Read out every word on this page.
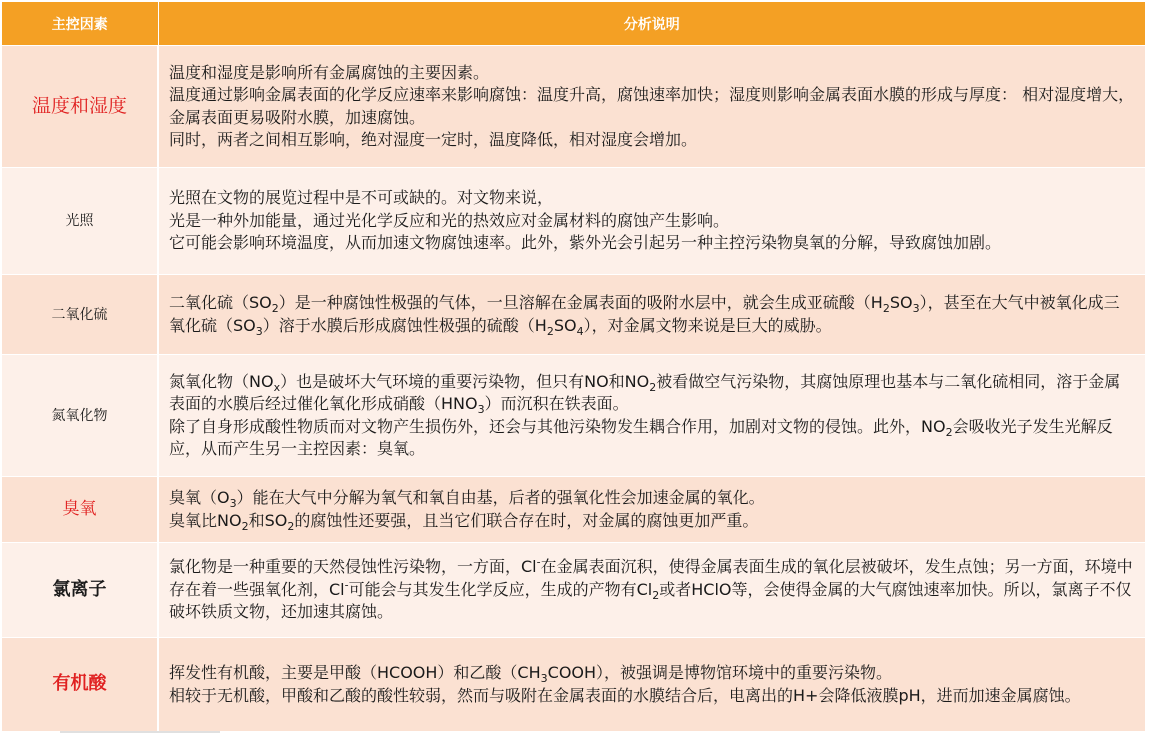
主控因素	分析说明
温度和湿度	温度和湿度是影响所有金属腐蚀的主要因素。
温度通过影响金属表面的化学反应速率来影响腐蚀：温度升高，腐蚀速率加快；湿度则影响金属表面水膜的形成与厚度： 相对湿度增大，金属表面更易吸附水膜，加速腐蚀。
同时，两者之间相互影响，绝对湿度一定时，温度降低，相对湿度会增加。

光照	光照在文物的展览过程中是不可或缺的。对文物来说，
光是一种外加能量，通过光化学反应和光的热效应对金属材料的腐蚀产生影响。
它可能会影响环境温度，从而加速文物腐蚀速率。此外，紫外光会引起另一种主控污染物臭氧的分解，导致腐蚀加剧。

二氧化硫	二氧化硫$(SO_2)$是一种腐蚀性极强的气体，一旦溶解在金属表面的吸附水层中，就会生成亚硫酸$(H_2SO_3)$，甚至在大气中被氧化成三氧化硫$(SO_3)$溶于水膜后形成腐蚀性极强的硫酸$(H_2SO_4)$，对金属文物来说是巨大的威胁。

氮氧化物	氮氧化物$(NO_x)$也是破坏大气环境的重要污染物，但只有NO和$NO_2$被看做空气污染物，其腐蚀原理也基本与二氧化硫相同，溶于金属表面的水膜后经过催化氧化形成硝酸$(HNO_3)$而沉积在铁表面。
除了自身形成酸性物质而对文物产生损伤外，还会与其他污染物发生耦合作用，加剧对文物的侵蚀。此外，$NO_2$会吸收光子发生光解反应，从而产生另一主控因素：臭氧。

臭氧	臭氧$(O_3)$能在大气中分解为氧气和氧自由基，后者的强氧化性会加速金属的氧化。
臭氧比$NO_2$和$SO_2$的腐蚀性还要强，且当它们联合存在时，对金属的腐蚀更加严重。

氯离子	氯化物是一种重要的天然侵蚀性污染物，一方面，Cl-在金属表面沉积，使得金属表面生成的氧化层被破坏，发生点蚀；另一方面，环境中存在着一些强氧化剂，Cl-可能会与其发生化学反应，生成的产物有$Cl_2$或者HClO等，会使得金属的大气腐蚀速率加快。所以，氯离子不仅破坏铁质文物，还加速其腐蚀。

有机酸	挥发性有机酸，主要是甲酸（HCOOH）和乙酸$(CH_3COOH)$，被强调是博物馆环境中的重要污染物。
相较于无机酸，甲酸和乙酸的酸性较弱，然而与吸附在金属表面的水膜结合后，电离出的H+会降低液膜pH，进而加速金属腐蚀。
